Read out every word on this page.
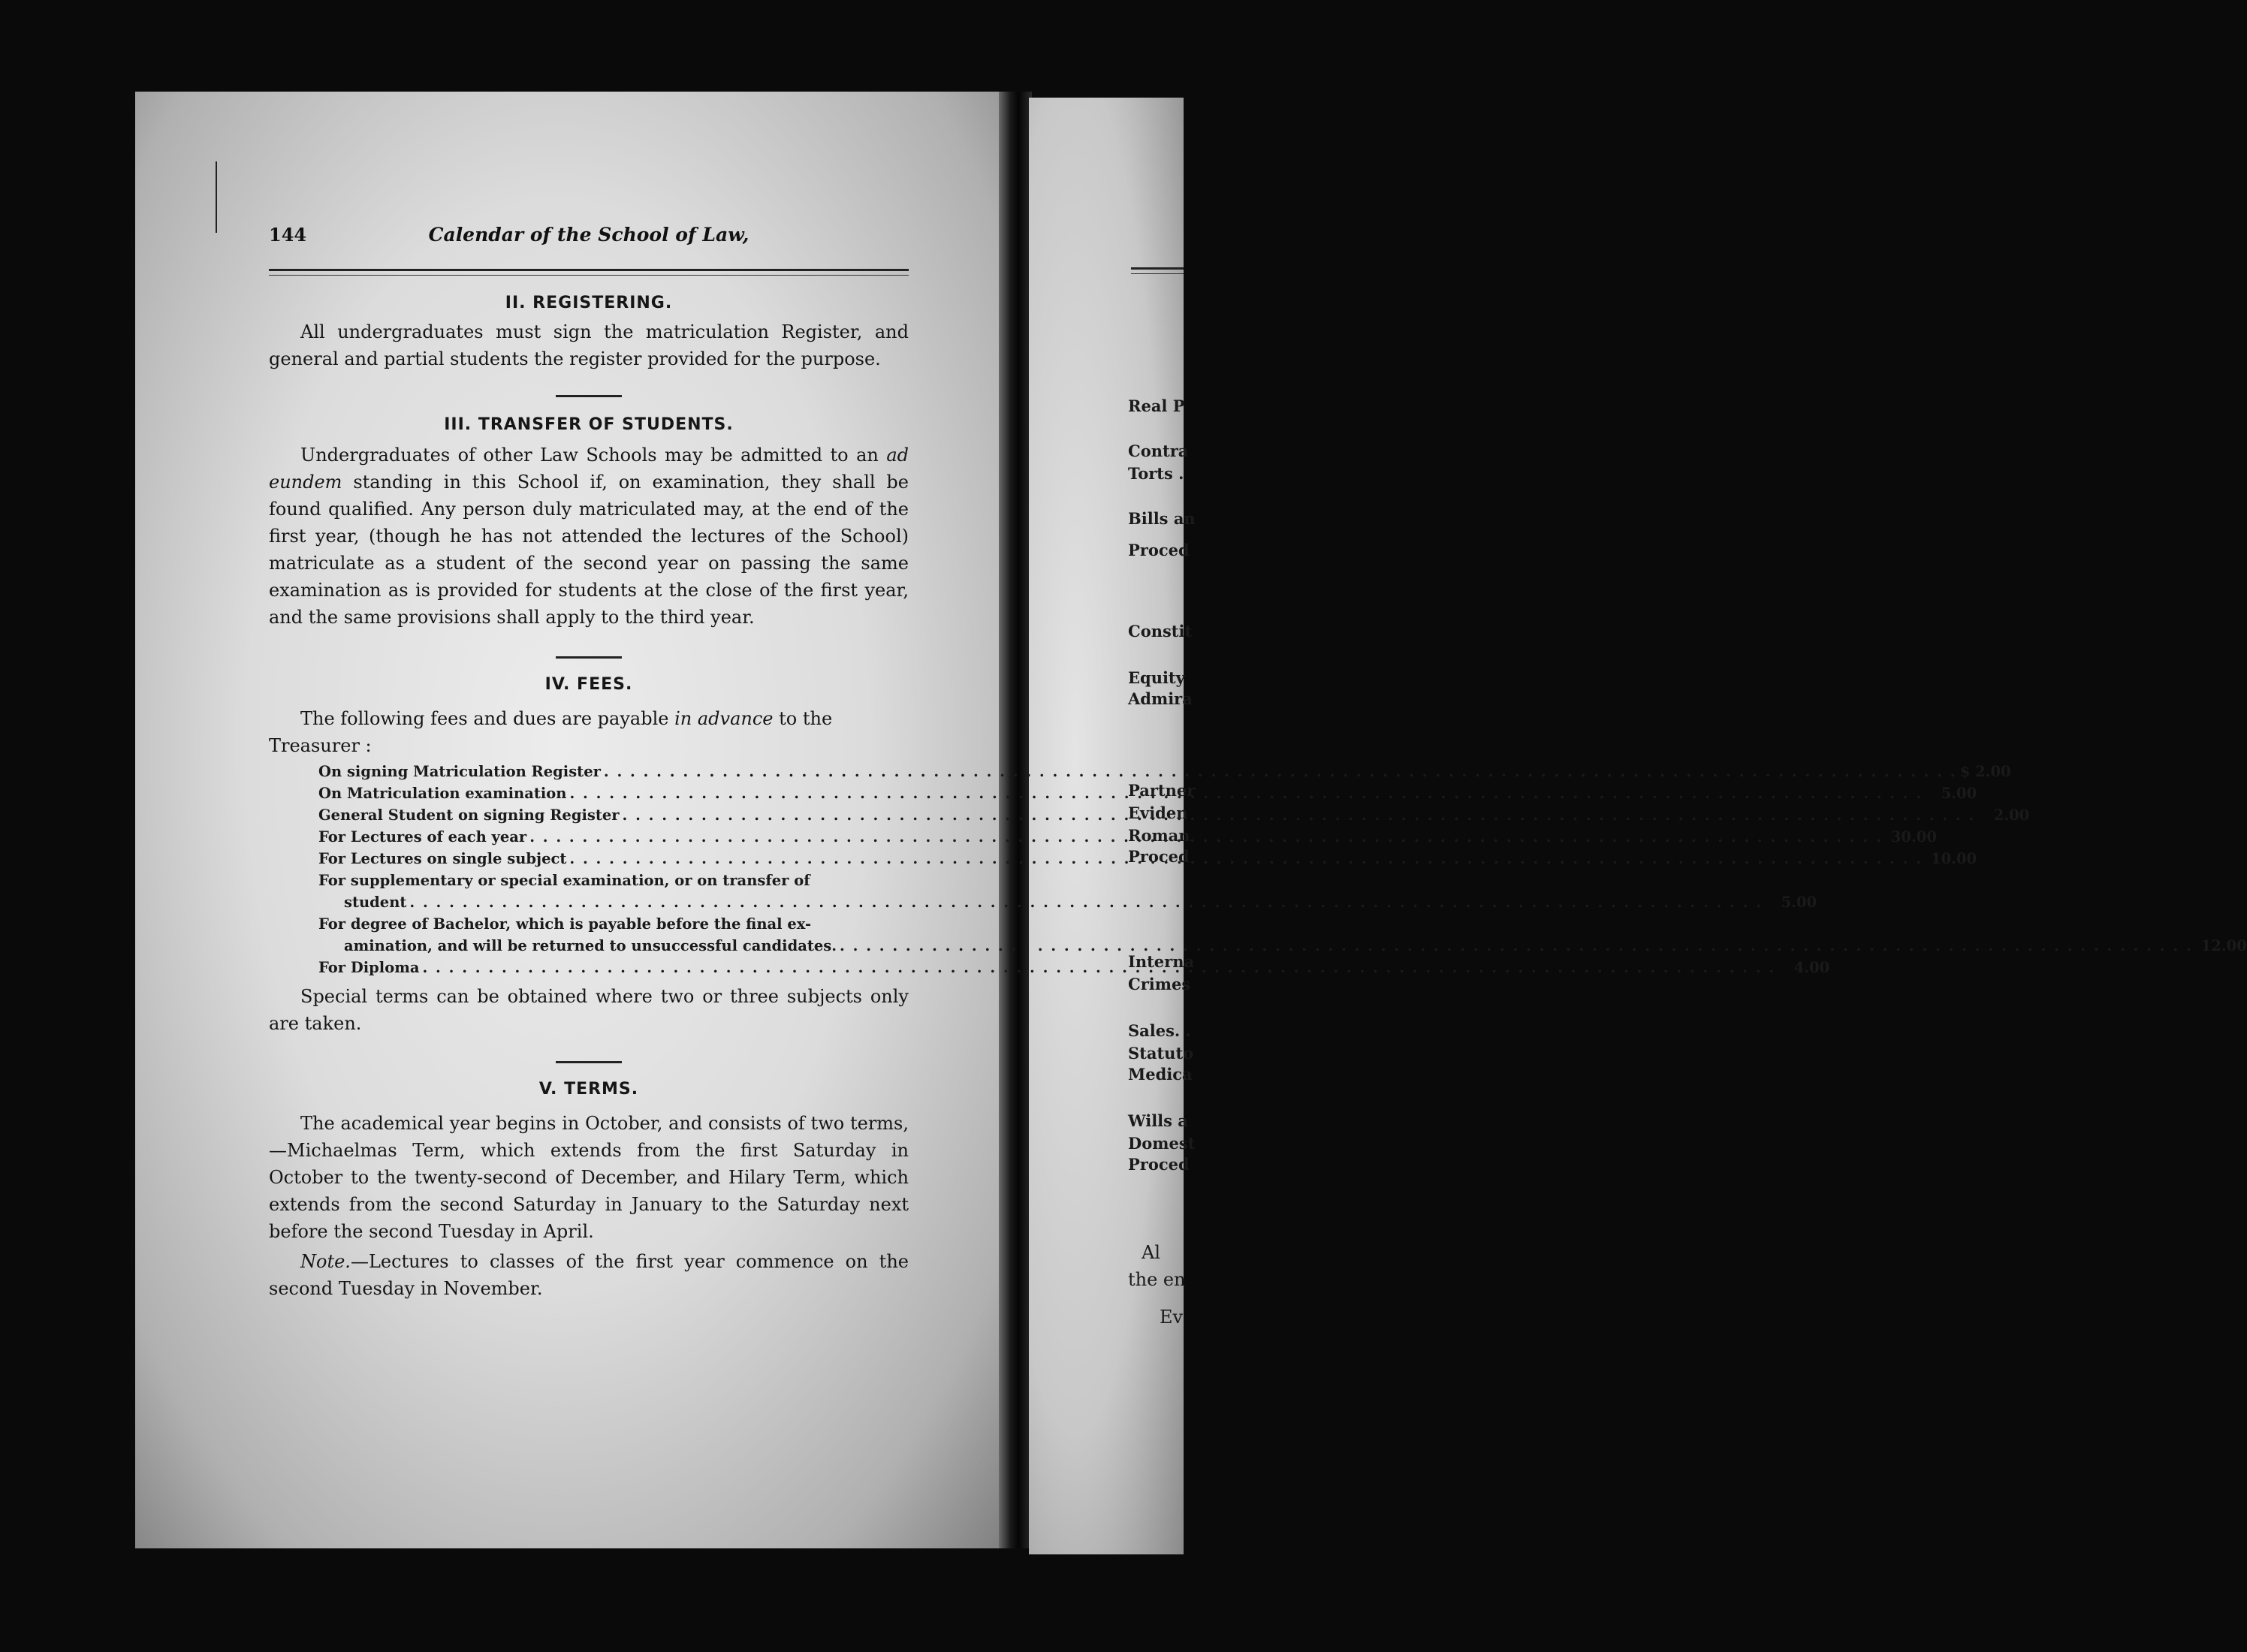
144	Calendar of the School of Law,
II. REGISTERING.

All undergraduates must sign the matriculation Register, and general and partial students the register provided for the purpose.

III. TRANSFER OF STUDENTS.

Undergraduates of other Law Schools may be admitted to an ad eundem standing in this School if, on examination, they shall be found qualified. Any person duly matriculated may, at the end of the first year, (though he has not attended the lectures of the School) matriculate as a student of the second year on passing the same examination as is provided for students at the close of the first year, and the same provisions shall apply to the third year.

IV. FEES.

The following fees and dues are payable in advance to the Treasurer :

On signing Matriculation Register . . .	$ 2.00
On Matriculation examination . . .	5.00
General Student on signing Register . . .	2.00
For Lectures of each year . . .	30.00
For Lectures on single subject . . .	10.00
For supplementary or special examination, or on transfer of
student . . .	5.00
For degree of Bachelor, which is payable before the final ex-
amination, and will be returned to unsuccessful candidates. . . .	12.00
For Diploma . . .	4.00

Special terms can be obtained where two or three subjects only are taken.

V. TERMS.

The academical year begins in October, and consists of two terms, —Michaelmas Term, which extends from the first Saturday in October to the twenty-second of December, and Hilary Term, which extends from the second Saturday in January to the Saturday next before the second Tuesday in April.

Note.—Lectures to classes of the first year commence on the second Tuesday in November.

Real P
Contra
Torts .
Bills an
Proced
Constit
Equity
Admira
Partner
Eviden
Roman
Proced
Interna
Crimes
Sales. .
Statuto
Medica
Wills a
Domest
Proced
Al
the en
Ev
